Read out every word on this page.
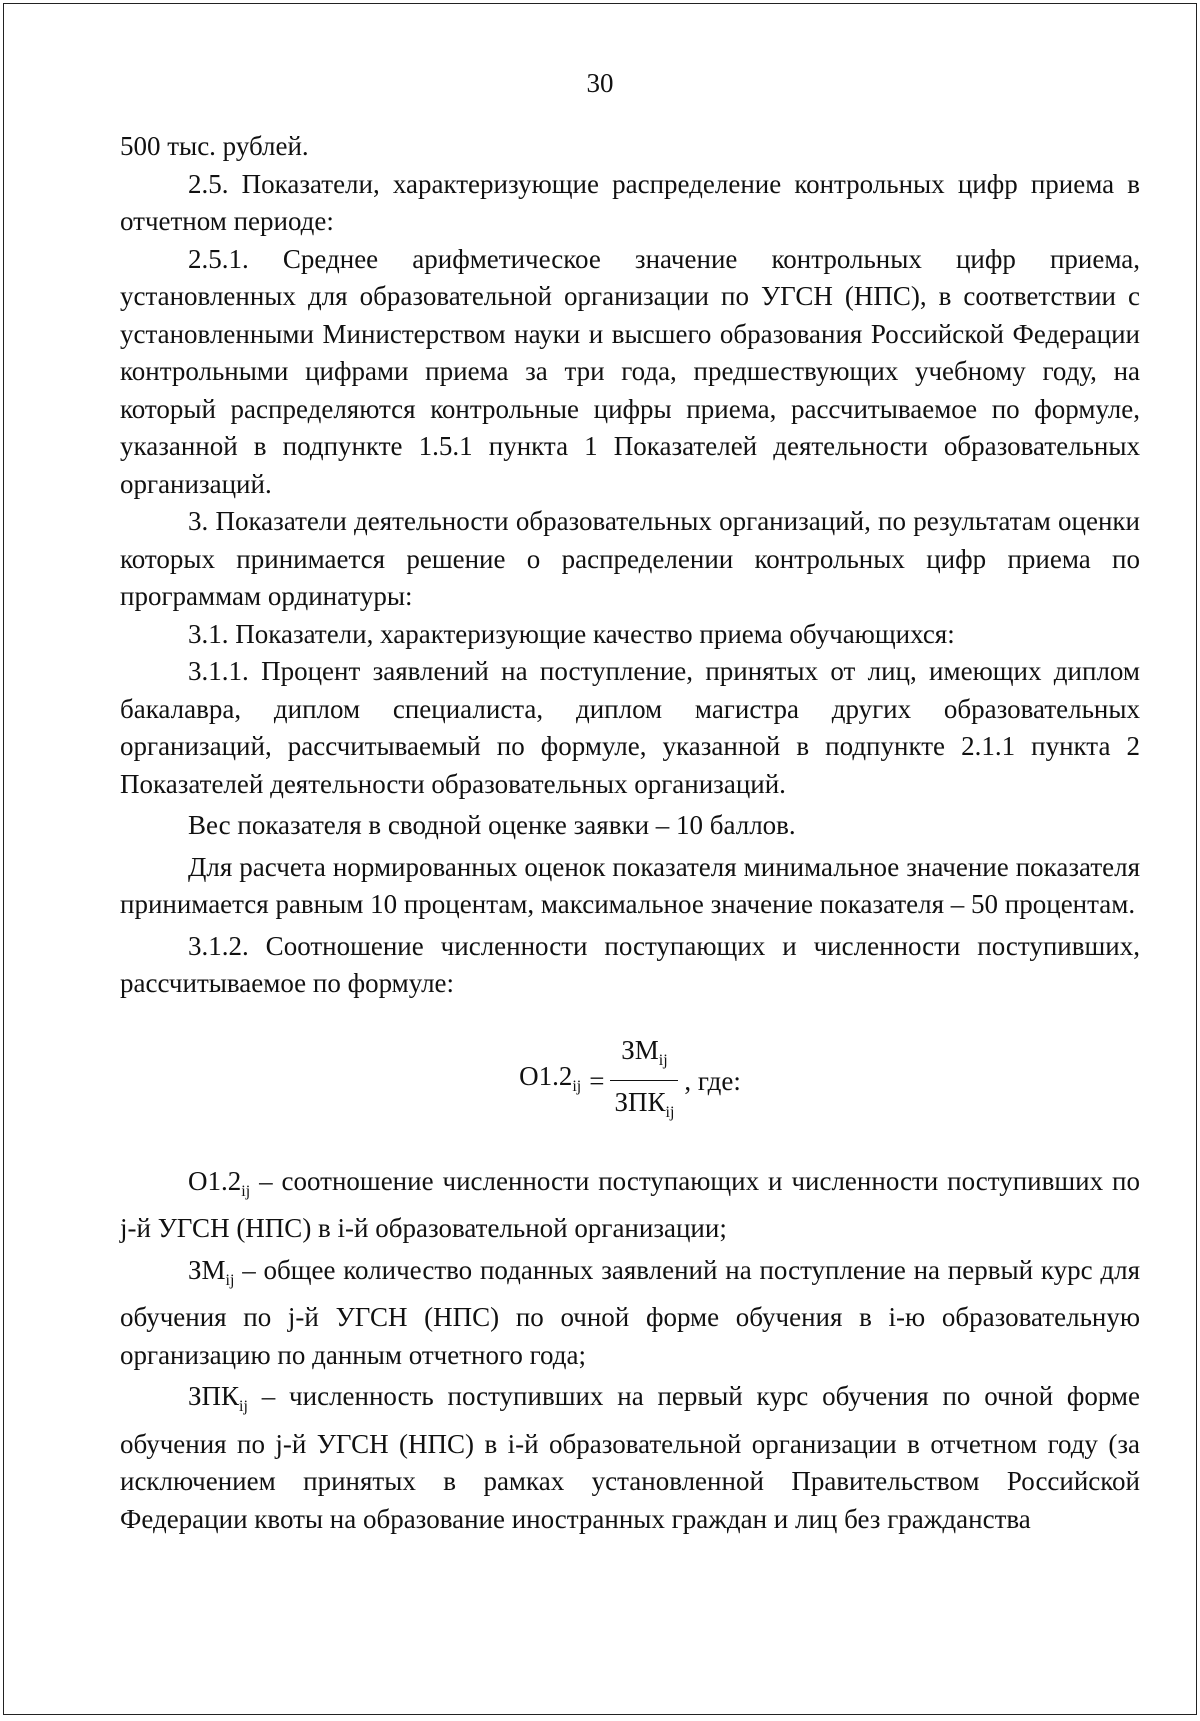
30

500 тыс. рублей.

2.5. Показатели, характеризующие распределение контрольных цифр приема в отчетном периоде:

2.5.1. Среднее арифметическое значение контрольных цифр приема, установленных для образовательной организации по УГСН (НПС), в соответствии с установленными Министерством науки и высшего образования Российской Федерации контрольными цифрами приема за три года, предшествующих учебному году, на который распределяются контрольные цифры приема, рассчитываемое по формуле, указанной в подпункте 1.5.1 пункта 1 Показателей деятельности образовательных организаций.

3. Показатели деятельности образовательных организаций, по результатам оценки которых принимается решение о распределении контрольных цифр приема по программам ординатуры:

3.1. Показатели, характеризующие качество приема обучающихся:

3.1.1. Процент заявлений на поступление, принятых от лиц, имеющих диплом бакалавра, диплом специалиста, диплом магистра других образовательных организаций, рассчитываемый по формуле, указанной в подпункте 2.1.1 пункта 2 Показателей деятельности образовательных организаций.

Вес показателя в сводной оценке заявки – 10 баллов.

Для расчета нормированных оценок показателя минимальное значение показателя принимается равным 10 процентам, максимальное значение показателя – 50 процентам.

3.1.2. Соотношение численности поступающих и численности поступивших, рассчитываемое по формуле:

$O1.2_{ij} = \frac{ЗМ_{ij}}{ЗПК_{ij}}$ , где:

$O1.2_{ij}$ – соотношение численности поступающих и численности поступивших по j-й УГСН (НПС) в i-й образовательной организации;

$ЗМ_{ij}$ – общее количество поданных заявлений на поступление на первый курс для обучения по j-й УГСН (НПС) по очной форме обучения в i-ю образовательную организацию по данным отчетного года;

$ЗПК_{ij}$ – численность поступивших на первый курс обучения по очной форме обучения по j-й УГСН (НПС) в i-й образовательной организации в отчетном году (за исключением принятых в рамках установленной Правительством Российской Федерации квоты на образование иностранных граждан и лиц без гражданства
